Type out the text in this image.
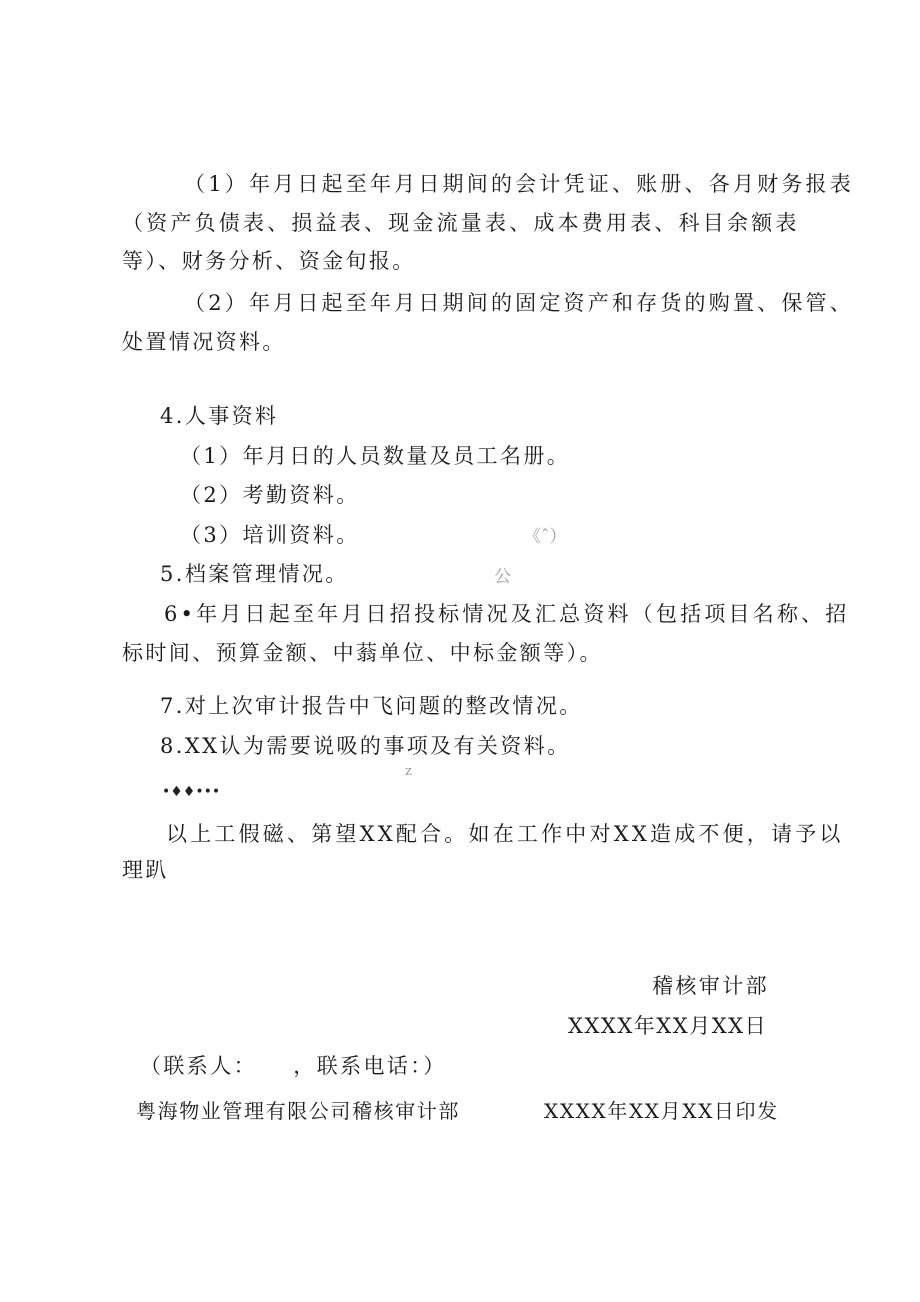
（1）年月日起至年月日期间的会计凭证、账册、各月财务报表
（资产负债表、损益表、现金流量表、成本费用表、科目余额表
等）、财务分析、资金旬报。
（2）年月日起至年月日期间的固定资产和存货的购置、保管、
处置情况资料。
4.人事资料
（1）年月日的人员数量及员工名册。
（2）考勤资料。
（3）培训资料。	《ˆ）
公
5.档案管理情况。
6•年月日起至年月日招投标情况及汇总资料（包括项目名称、招
标时间、预算金额、中蓊单位、中标金额等）。
7.对上次审计报告中飞问题的整改情况。
8.XX认为需要说吸的事项及有关资料。
z
•♦♦•••
以上工假磁、第望XX配合。如在工作中对XX造成不便，请予以
理趴
稽核审计部
XXXX年XX月XX日
（联系人：　　，联系电话：）
粤海物业管理有限公司稽核审计部	XXXX年XX月XX日印发
